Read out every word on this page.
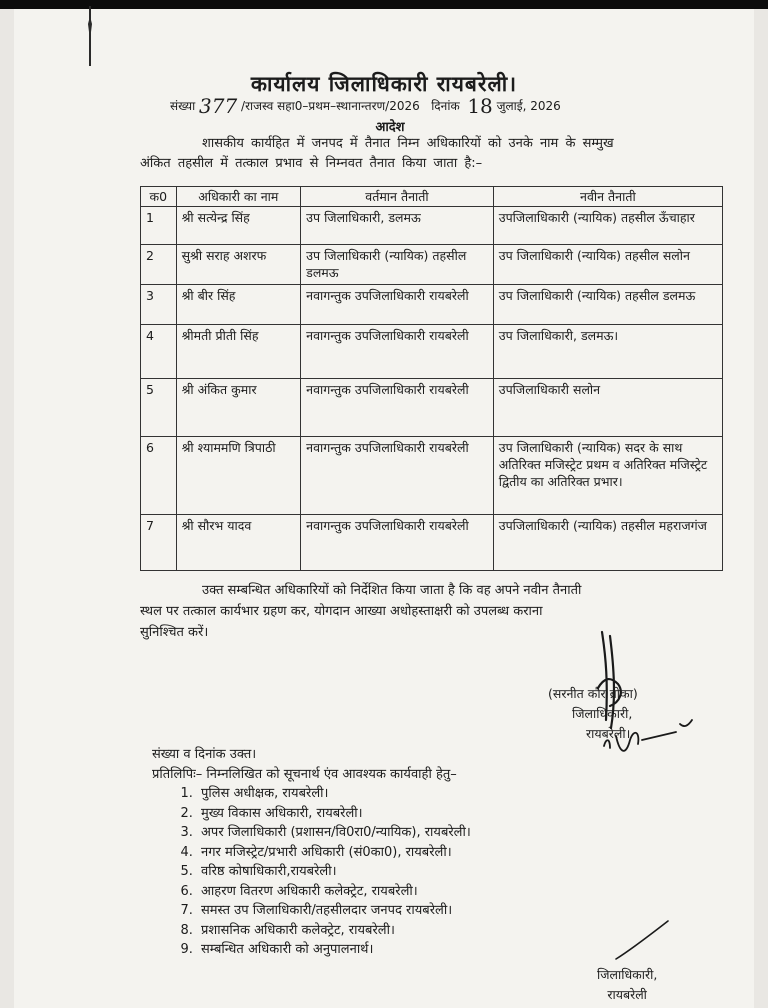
कार्यालय जिलाधिकारी रायबरेली।
संख्या 377 /राजस्व सहा0–प्रथम–स्थानान्तरण/2026 दिनांक 18 जुलाई, 2026
आदेश
शासकीय कार्यहित में जनपद में तैनात निम्न अधिकारियों को उनके नाम के सम्मुख
अंकित तहसील में तत्काल प्रभाव से निम्नवत तैनात किया जाता है:–
क0	अधिकारी का नाम	वर्तमान तैनाती	नवीन तैनाती
1	श्री सत्येन्द्र सिंह	उप जिलाधिकारी, डलमऊ	उपजिलाधिकारी (न्यायिक) तहसील ऊँचाहार
2	सुश्री सराह अशरफ	उप जिलाधिकारी (न्यायिक) तहसील डलमऊ	उप जिलाधिकारी (न्यायिक) तहसील सलोन
3	श्री बीर सिंह	नवागन्तुक उपजिलाधिकारी रायबरेली	उप जिलाधिकारी (न्यायिक) तहसील डलमऊ
4	श्रीमती प्रीती सिंह	नवागन्तुक उपजिलाधिकारी रायबरेली	उप जिलाधिकारी, डलमऊ।
5	श्री अंकित कुमार	नवागन्तुक उपजिलाधिकारी रायबरेली	उपजिलाधिकारी सलोन
6	श्री श्याममणि त्रिपाठी	नवागन्तुक उपजिलाधिकारी रायबरेली	उप जिलाधिकारी (न्यायिक) सदर के साथ अतिरिक्त मजिस्ट्रेट प्रथम व अतिरिक्त मजिस्ट्रेट द्वितीय का अतिरिक्त प्रभार।
7	श्री सौरभ यादव	नवागन्तुक उपजिलाधिकारी रायबरेली	उपजिलाधिकारी (न्यायिक) तहसील महराजगंज
उक्त सम्बन्धित अधिकारियों को निर्देशित किया जाता है कि वह अपने नवीन तैनाती
स्थल पर तत्काल कार्यभार ग्रहण कर, योगदान आख्या अधोहस्ताक्षरी को उपलब्ध कराना
सुनिश्चित करें।
(सरनीत कौर ब्रोका)
जिलाधिकारी,
रायबरेली।
संख्या व दिनांक उक्त।
प्रतिलिपिः– निम्नलिखित को सूचनार्थ एंव आवश्यक कार्यवाही हेतु–
1. पुलिस अधीक्षक, रायबरेली।
2. मुख्य विकास अधिकारी, रायबरेली।
3. अपर जिलाधिकारी (प्रशासन/वि0रा0/न्यायिक), रायबरेली।
4. नगर मजिस्ट्रेट/प्रभारी अधिकारी (सं0का0), रायबरेली।
5. वरिष्ठ कोषाधिकारी,रायबरेली।
6. आहरण वितरण अधिकारी कलेक्ट्रेट, रायबरेली।
7. समस्त उप जिलाधिकारी/तहसीलदार जनपद रायबरेली।
8. प्रशासनिक अधिकारी कलेक्ट्रेट, रायबरेली।
9. सम्बन्धित अधिकारी को अनुपालनार्थ।
जिलाधिकारी,
रायबरेली
